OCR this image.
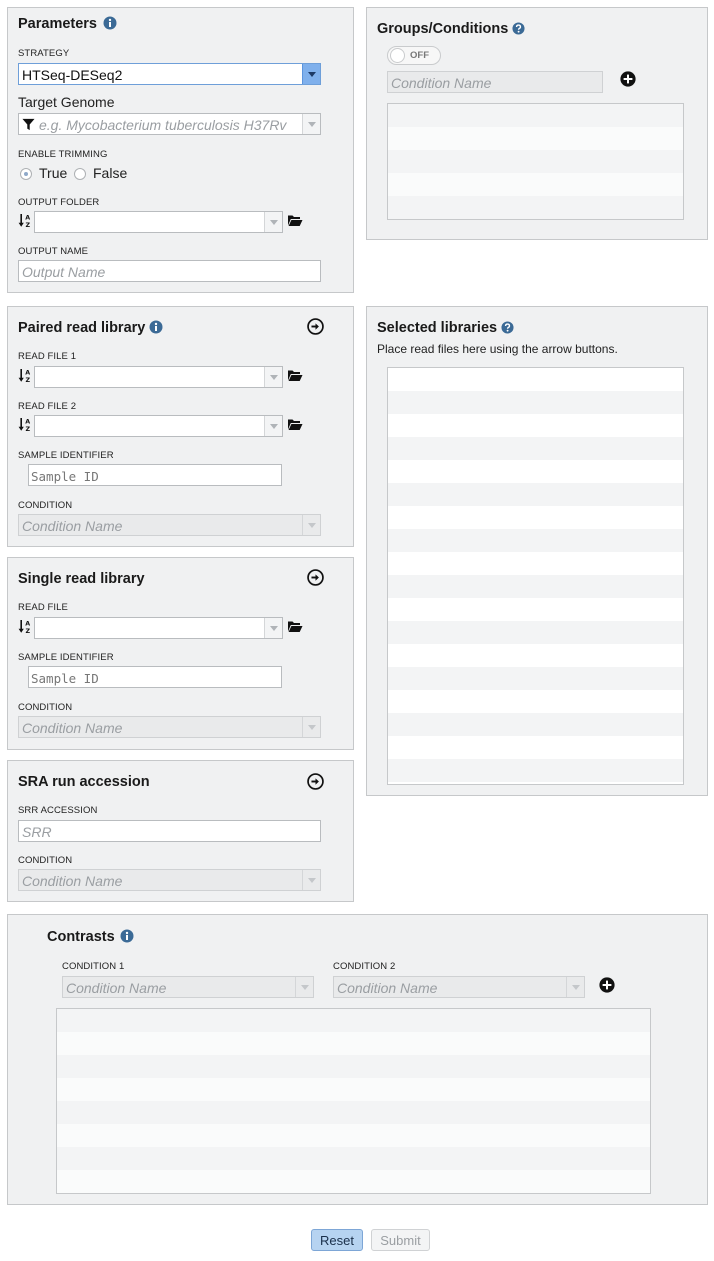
Parameters
STRATEGY
HTSeq-DESeq2
Target Genome
e.g. Mycobacterium tuberculosis H37Rv
ENABLE TRIMMING
True False
OUTPUT FOLDER
OUTPUT NAME
Output Name
Groups/Conditions
OFF
Condition Name
Paired read library
READ FILE 1
READ FILE 2
SAMPLE IDENTIFIER
Sample ID
CONDITION
Condition Name
Single read library
READ FILE
SAMPLE IDENTIFIER
Sample ID
CONDITION
Condition Name
SRA run accession
SRR ACCESSION
SRR
CONDITION
Condition Name
Selected libraries
Place read files here using the arrow buttons.
Contrasts
CONDITION 1
Condition Name
CONDITION 2
Condition Name
Reset	Submit
